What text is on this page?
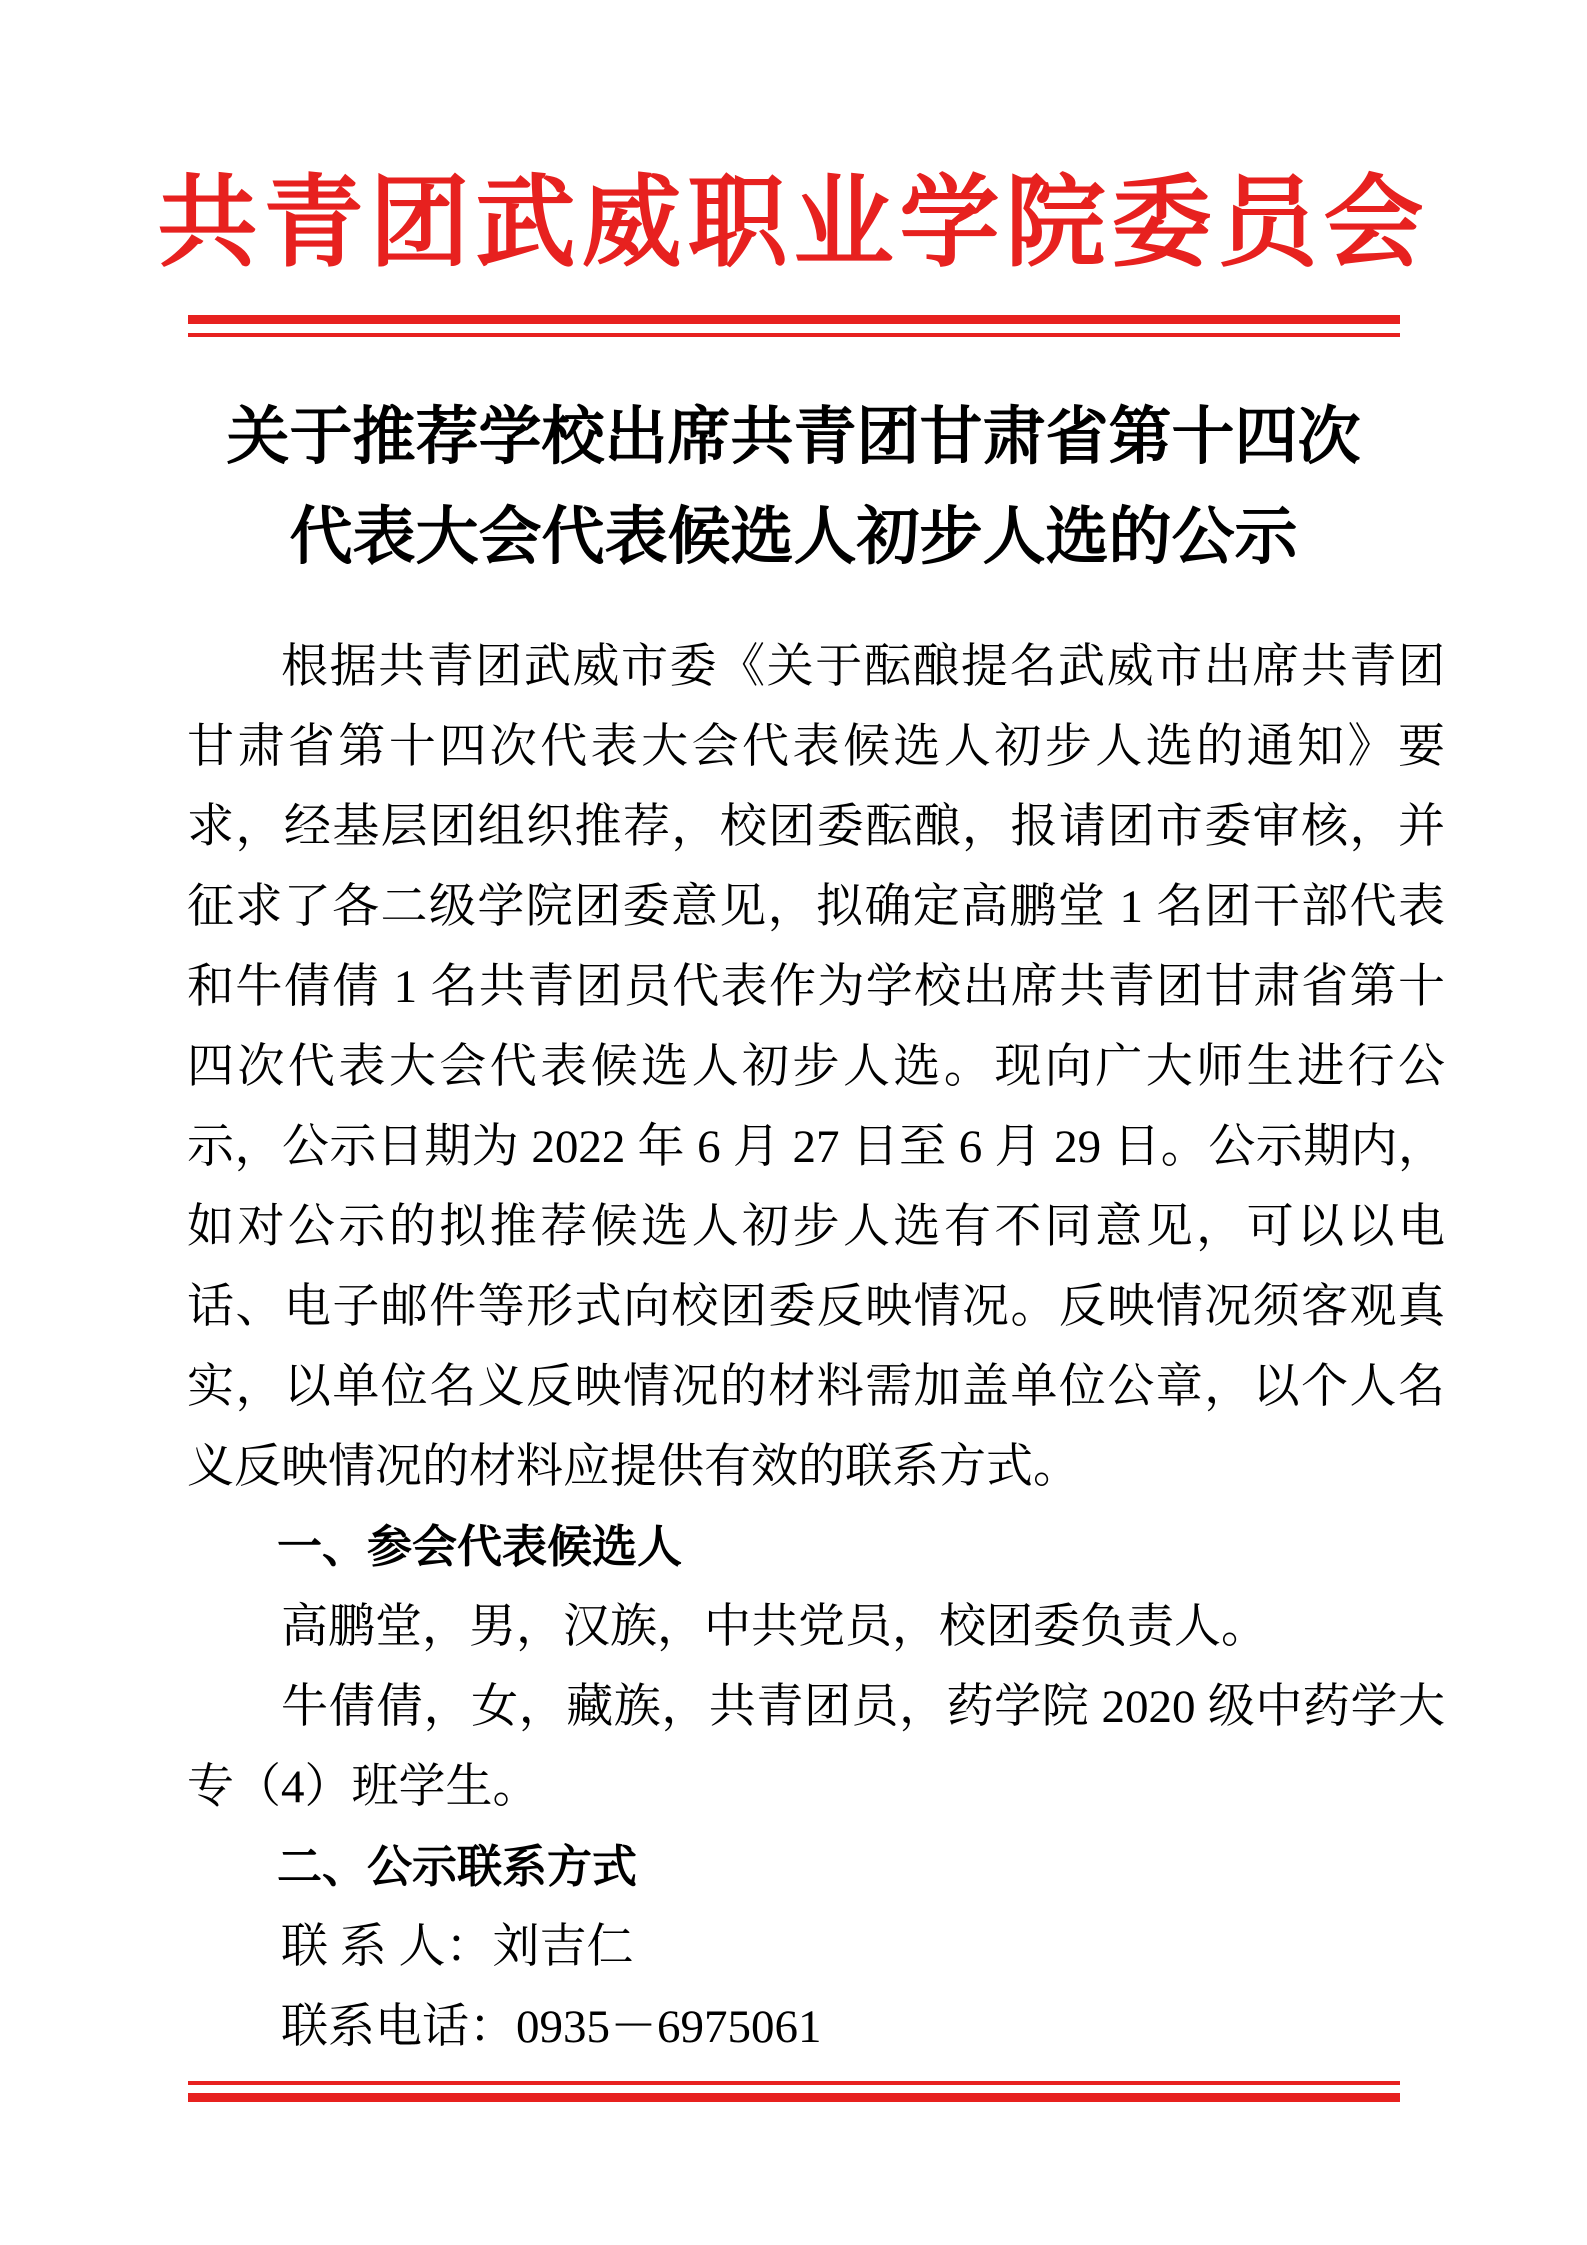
共青团武威职业学院委员会
关于推荐学校出席共青团甘肃省第十四次
代表大会代表候选人初步人选的公示

根据共青团武威市委《关于酝酿提名武威市出席共青团甘肃省第十四次代表大会代表候选人初步人选的通知》要求，经基层团组织推荐，校团委酝酿，报请团市委审核，并征求了各二级学院团委意见，拟确定高鹏堂 1 名团干部代表和牛倩倩 1 名共青团员代表作为学校出席共青团甘肃省第十四次代表大会代表候选人初步人选。现向广大师生进行公示，公示日期为 2022 年 6 月 27 日至 6 月 29 日。公示期内，如对公示的拟推荐候选人初步人选有不同意见，可以以电话、电子邮件等形式向校团委反映情况。反映情况须客观真实，以单位名义反映情况的材料需加盖单位公章，以个人名义反映情况的材料应提供有效的联系方式。

一、参会代表候选人

高鹏堂，男，汉族，中共党员，校团委负责人。

牛倩倩，女，藏族，共青团员，药学院 2020 级中药学大专（4）班学生。

二、公示联系方式

联 系 人：刘吉仁

联系电话：0935－6975061
